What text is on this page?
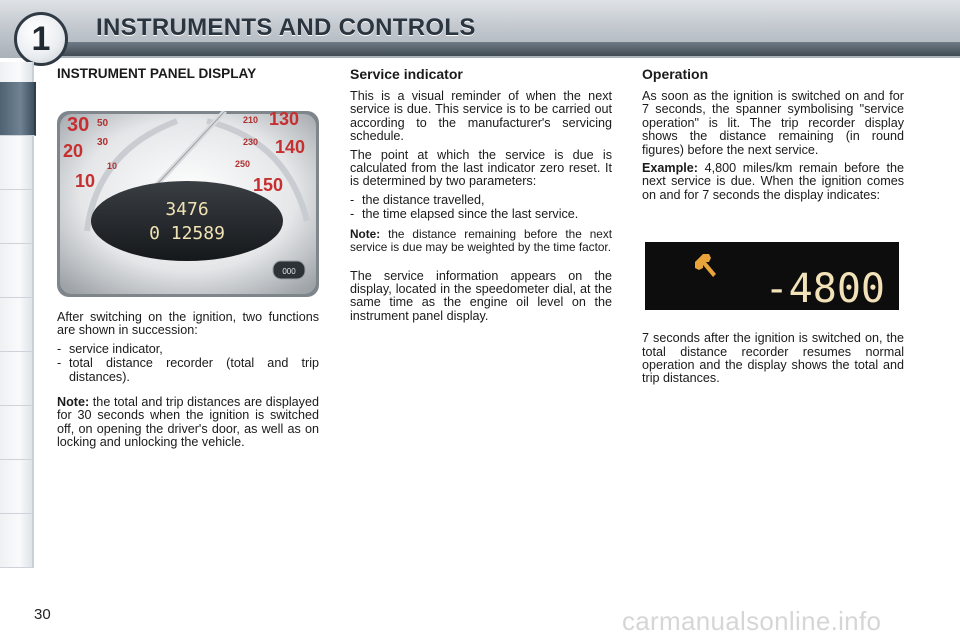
1	INSTRUMENTS AND CONTROLS
INSTRUMENT PANEL DISPLAY
30 50
20 30
10
10
210 130
230 140
250
150
3476
0 12589
000

After switching on the ignition, two functions are shown in succession:

- service indicator,
- total distance recorder (total and trip distances).

Note: the total and trip distances are displayed for 30 seconds when the ignition is switched off, on opening the driver's door, as well as on locking and unlocking the vehicle.

Service indicator

This is a visual reminder of when the next service is due. This service is to be carried out according to the manufacturer's servicing schedule.

The point at which the service is due is calculated from the last indicator zero reset. It is determined by two parameters:

- the distance travelled,
- the time elapsed since the last service.

Note: the distance remaining before the next service is due may be weighted by the time factor.

The service information appears on the display, located in the speedometer dial, at the same time as the engine oil level on the instrument panel display.

Operation

As soon as the ignition is switched on and for 7 seconds, the spanner symbolising "service operation" is lit. The trip recorder display shows the distance remaining (in round figures) before the next service.

Example: 4,800 miles/km remain before the next service is due. When the ignition comes on and for 7 seconds the display indicates:

-4800

7 seconds after the ignition is switched on, the total distance recorder resumes normal operation and the display shows the total and trip distances.

30	carmanualsonline.info
